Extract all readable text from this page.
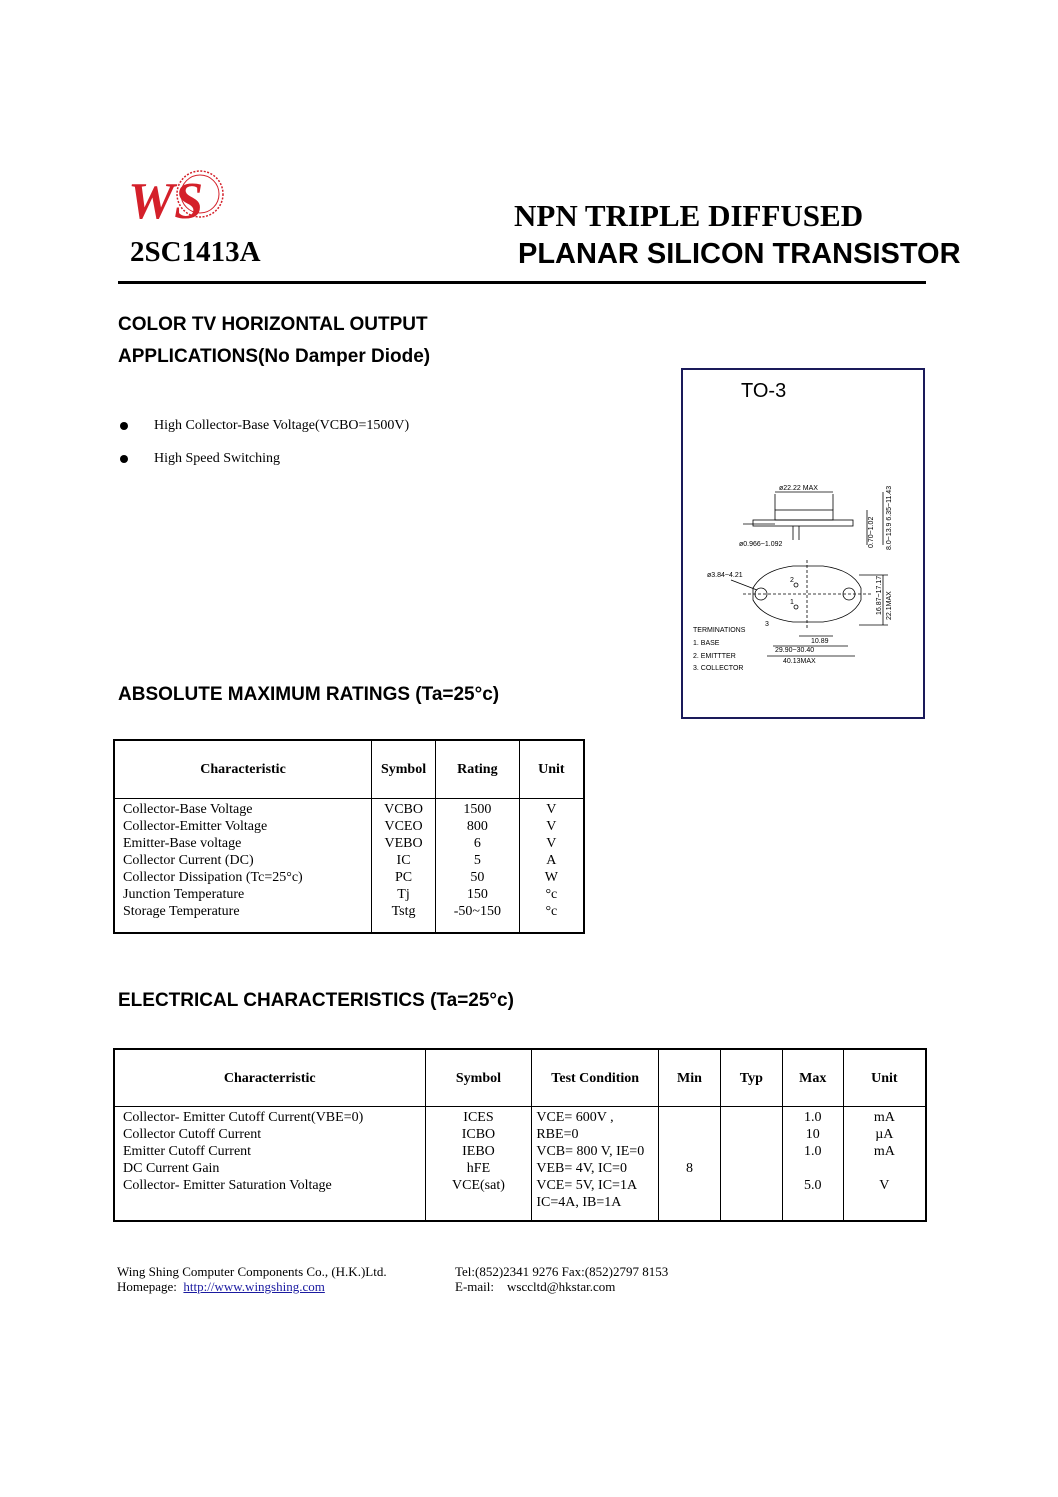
WS
2SC1413A
NPN TRIPLE DIFFUSED
PLANAR SILICON TRANSISTOR
COLOR TV HORIZONTAL OUTPUT
APPLICATIONS(No Damper Diode)
High Collector-Base Voltage(VCBO=1500V)
High Speed Switching
TO-3
ø22.22 MAX
ø0.966~1.092
ø3.84~4.21
TERMINATIONS
1. BASE
2. EMITTTER
3. COLLECTOR
10.89
29.90~30.40
40.13MAX
2
1
3
8.0~13.9 6.35~11.43
0.70~1.02
16.87~17.17 22.1MAX
ABSOLUTE MAXIMUM RATINGS (Ta=25°c)
Characteristic	Symbol	Rating	Unit
Collector-Base Voltage	VCBO	1500	V
Collector-Emitter Voltage	VCEO	800	V
Emitter-Base voltage	VEBO	6	V
Collector Current (DC)	IC	5	A
Collector Dissipation (Tc=25°c)	PC	50	W
Junction Temperature	Tj	150	°c
Storage Temperature	Tstg	-50~150	°c

ELECTRICAL CHARACTERISTICS (Ta=25°c)
Characterristic	Symbol	Test Condition	Min	Typ	Max	Unit
Collector- Emitter Cutoff Current(VBE=0)	ICES	VCE= 600V ,			1.0	mA
Collector Cutoff Current	ICBO	RBE=0			10	µA
Emitter Cutoff Current	IEBO	VCB= 800 V, IE=0			1.0	mA
DC Current Gain	hFE	VEB= 4V, IC=0	8			
Collector- Emitter Saturation Voltage	VCE(sat)	VCE= 5V, IC=1A			5.0	V
		IC=4A, IB=1A				

Wing Shing Computer Components Co., (H.K.)Ltd.
Homepage: http://www.wingshing.com
Tel:(852)2341 9276 Fax:(852)2797 8153
E-mail: wsccltd@hkstar.com
